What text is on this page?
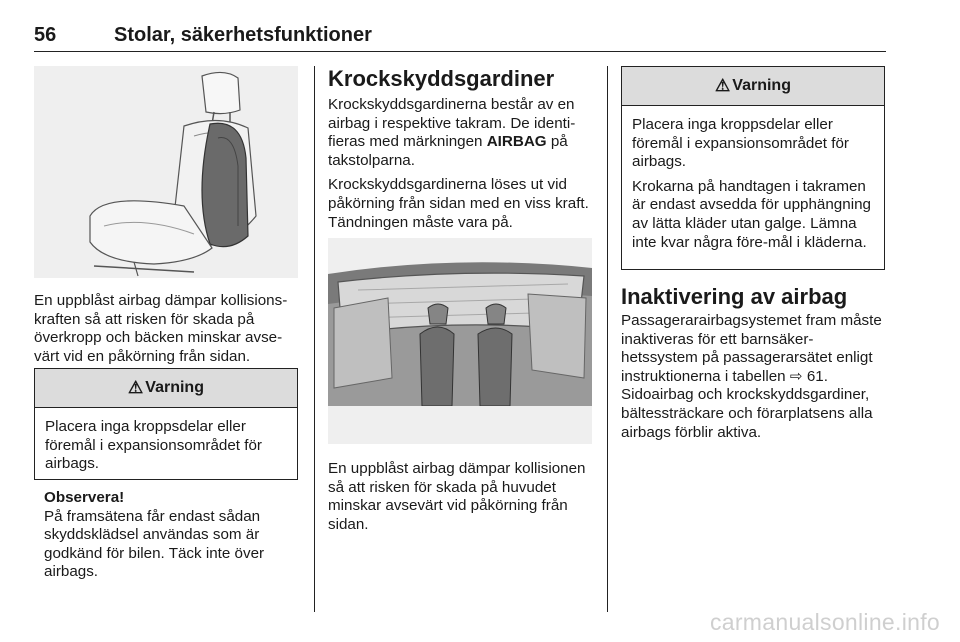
56	Stolar, säkerhetsfunktioner
En uppblåst airbag dämpar kollisions-kraften så att risken för skada på överkropp och bäcken minskar avse-värt vid en påkörning från sidan.
⚠ Varning

Placera inga kroppsdelar eller föremål i expansionsområdet för airbags.

Observera!
På framsätena får endast sådan skyddsklädsel användas som är godkänd för bilen. Täck inte över airbags.
Krockskyddsgardiner

Krockskyddsgardinerna består av en airbag i respektive takram. De identi-fieras med märkningen AIRBAG på takstolparna.

Krockskyddsgardinerna löses ut vid påkörning från sidan med en viss kraft. Tändningen måste vara på.

En uppblåst airbag dämpar kollisionen så att risken för skada på huvudet minskar avsevärt vid påkörning från sidan.
⚠ Varning

Placera inga kroppsdelar eller föremål i expansionsområdet för airbags.

Krokarna på handtagen i takramen är endast avsedda för upphängning av lätta kläder utan galge. Lämna inte kvar några före-mål i kläderna.

Inaktivering av airbag

Passagerarairbagsystemet fram måste inaktiveras för ett barnsäker-hetssystem på passagerarsätet enligt instruktionerna i tabellen ⇨ 61.

Sidoairbag och krockskyddsgardiner, bältessträckare och förarplatsens alla airbags förblir aktiva.

carmanualsonline.info
